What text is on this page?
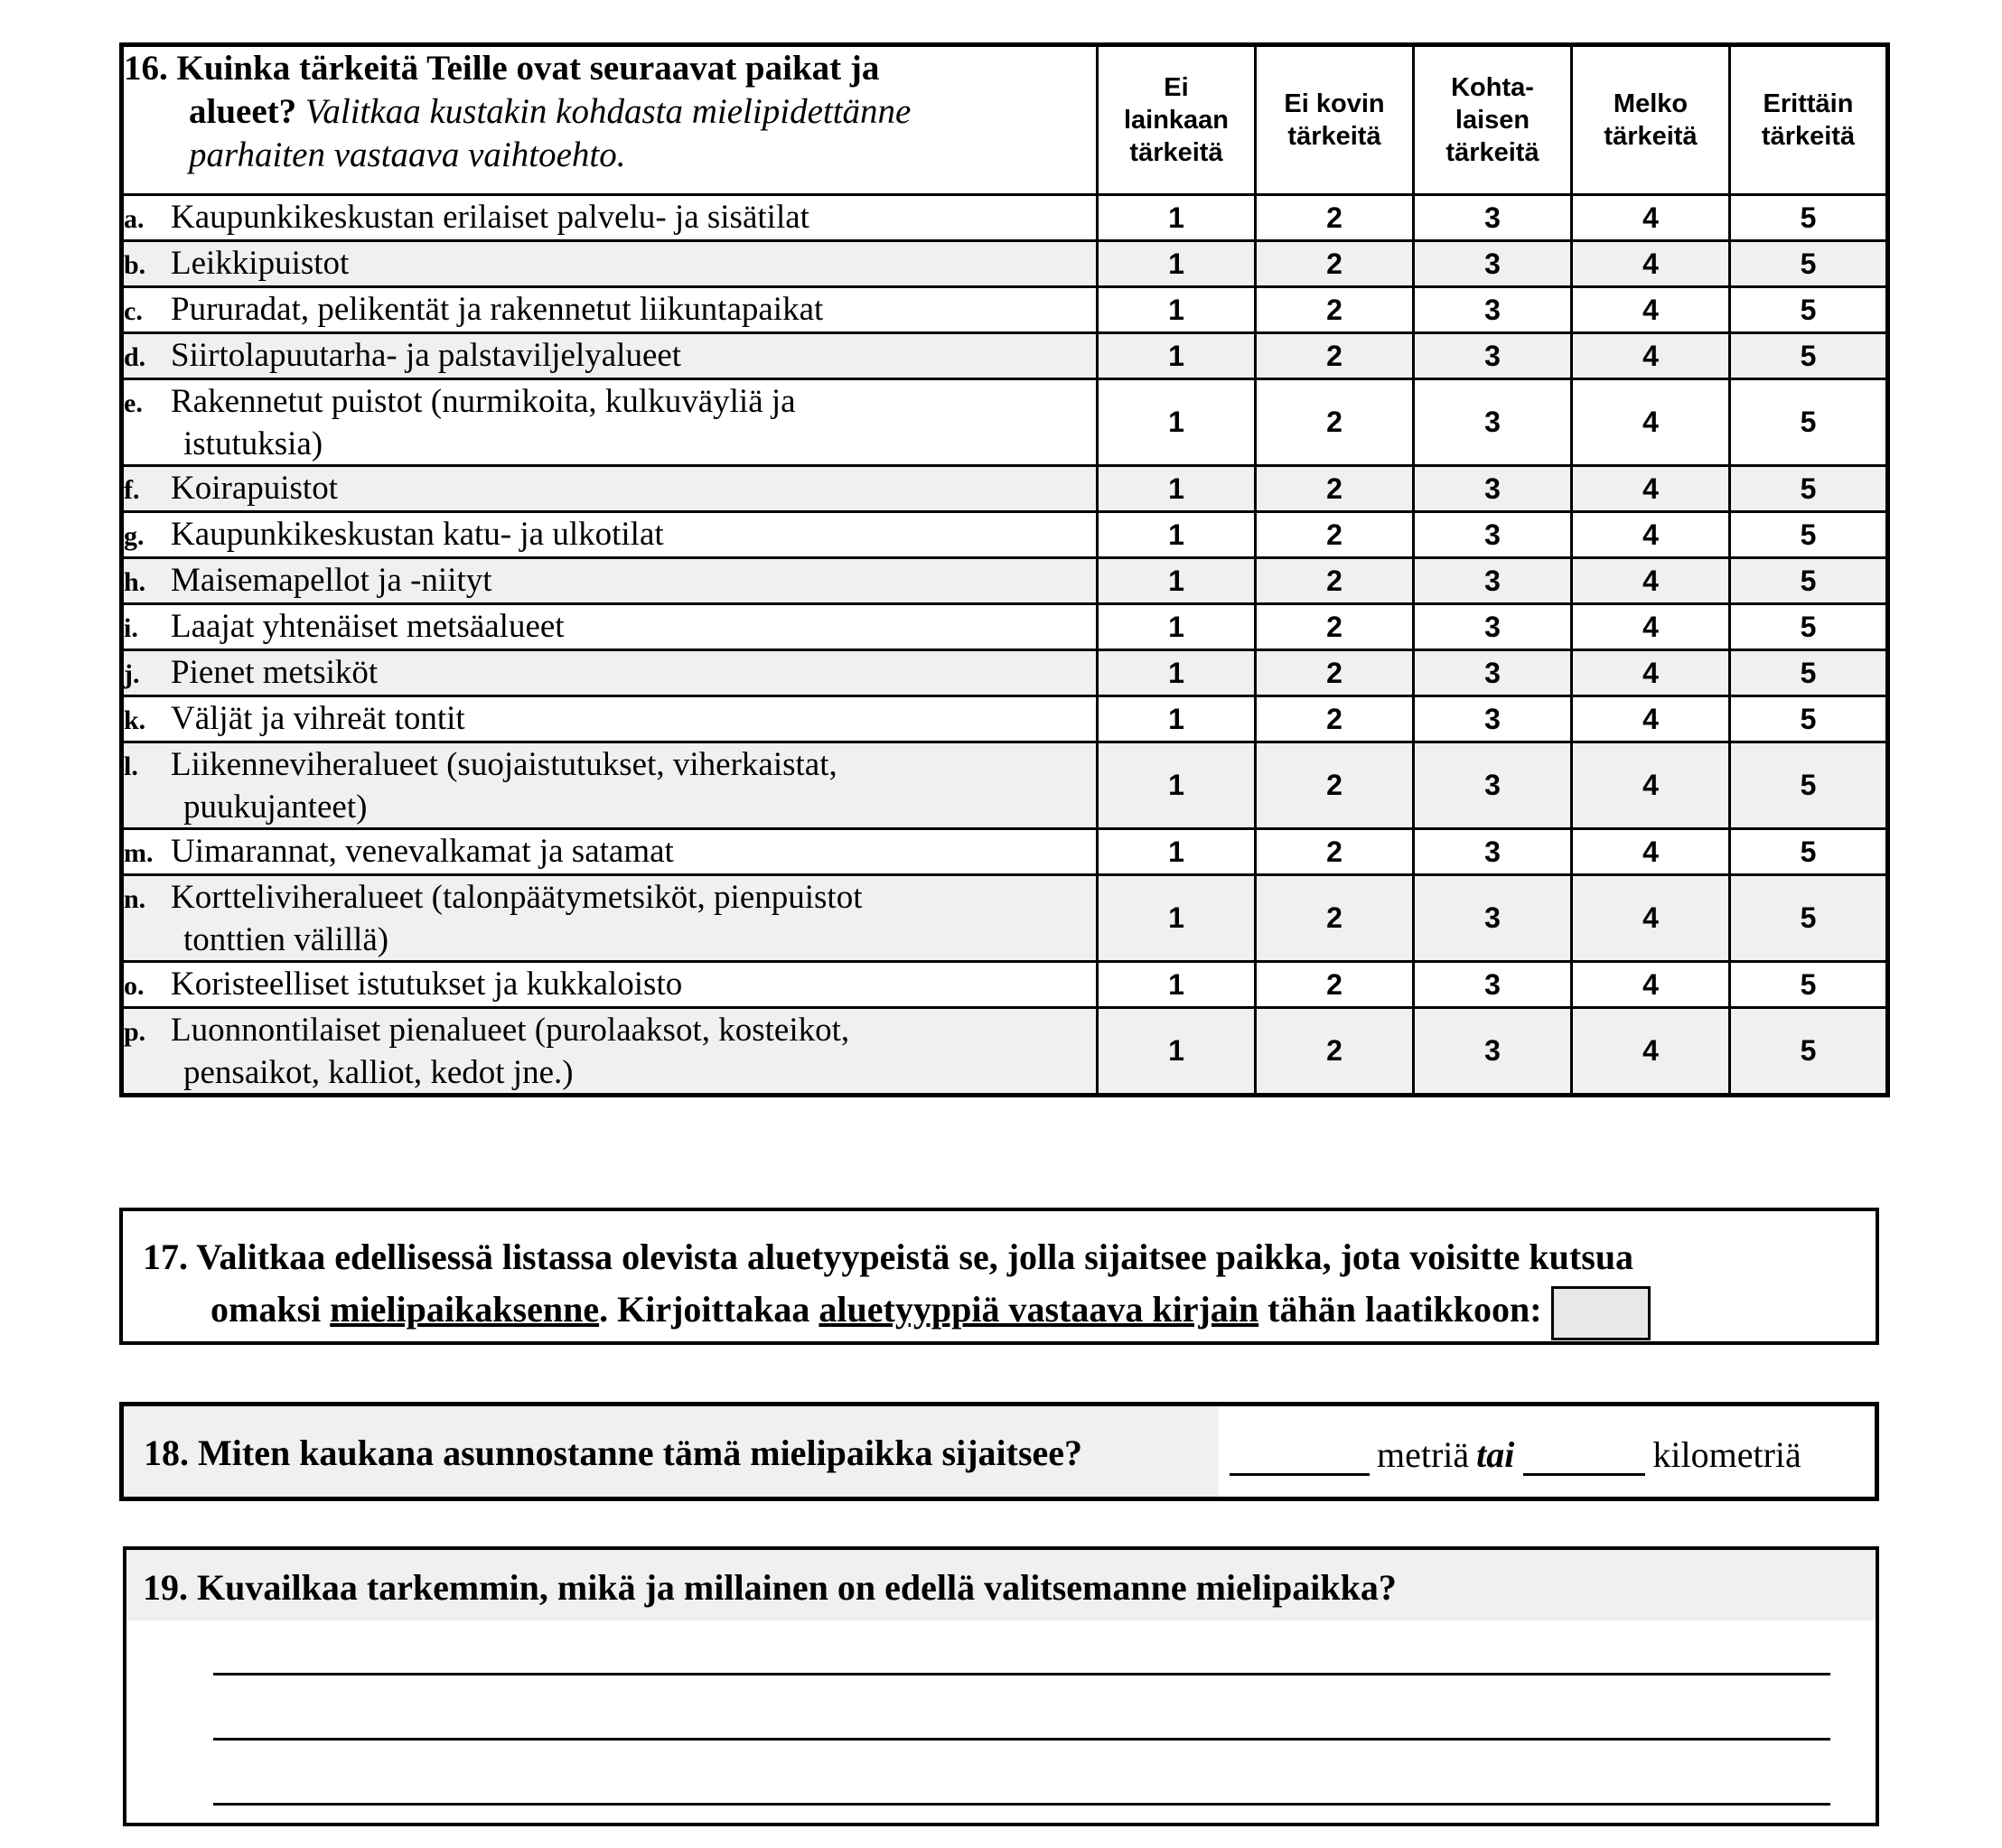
16. Kuinka tärkeitä Teille ovat seuraavat paikat ja
alueet? Valitkaa kustakin kohdasta mielipidettänne
parhaiten vastaava vaihtoehto.	Ei
lainkaan
tärkeitä	Ei kovin
tärkeitä	Kohta-
laisen
tärkeitä	Melko
tärkeitä	Erittäin
tärkeitä
a. Kaupunkikeskustan erilaiset palvelu- ja sisätilat	1	2	3	4	5
b. Leikkipuistot	1	2	3	4	5
c. Pururadat, pelikentät ja rakennetut liikuntapaikat	1	2	3	4	5
d. Siirtolapuutarha- ja palstaviljelyalueet	1	2	3	4	5
e. Rakennetut puistot (nurmikoita, kulkuväyliä ja
istutuksia)	1	2	3	4	5
f. Koirapuistot	1	2	3	4	5
g. Kaupunkikeskustan katu- ja ulkotilat	1	2	3	4	5
h. Maisemapellot ja -niityt	1	2	3	4	5
i. Laajat yhtenäiset metsäalueet	1	2	3	4	5
j. Pienet metsiköt	1	2	3	4	5
k. Väljät ja vihreät tontit	1	2	3	4	5
l. Liikenneviheralueet (suojaistutukset, viherkaistat,
puukujanteet)	1	2	3	4	5
m. Uimarannat, venevalkamat ja satamat	1	2	3	4	5
n. Kortteliviheralueet (talonpäätymetsiköt, pienpuistot
tonttien välillä)	1	2	3	4	5
o. Koristeelliset istutukset ja kukkaloisto	1	2	3	4	5
p. Luonnontilaiset pienalueet (purolaaksot, kosteikot,
pensaikot, kalliot, kedot jne.)	1	2	3	4	5
17. Valitkaa edellisessä listassa olevista aluetyypeistä se, jolla sijaitsee paikka, jota voisitte kutsua
omaksi mielipaikaksenne. Kirjoittakaa aluetyyppiä vastaava kirjain tähän laatikkoon:
18. Miten kaukana asunnostanne tämä mielipaikka sijaitsee?	metriä tai	kilometriä
19. Kuvailkaa tarkemmin, mikä ja millainen on edellä valitsemanne mielipaikka?
